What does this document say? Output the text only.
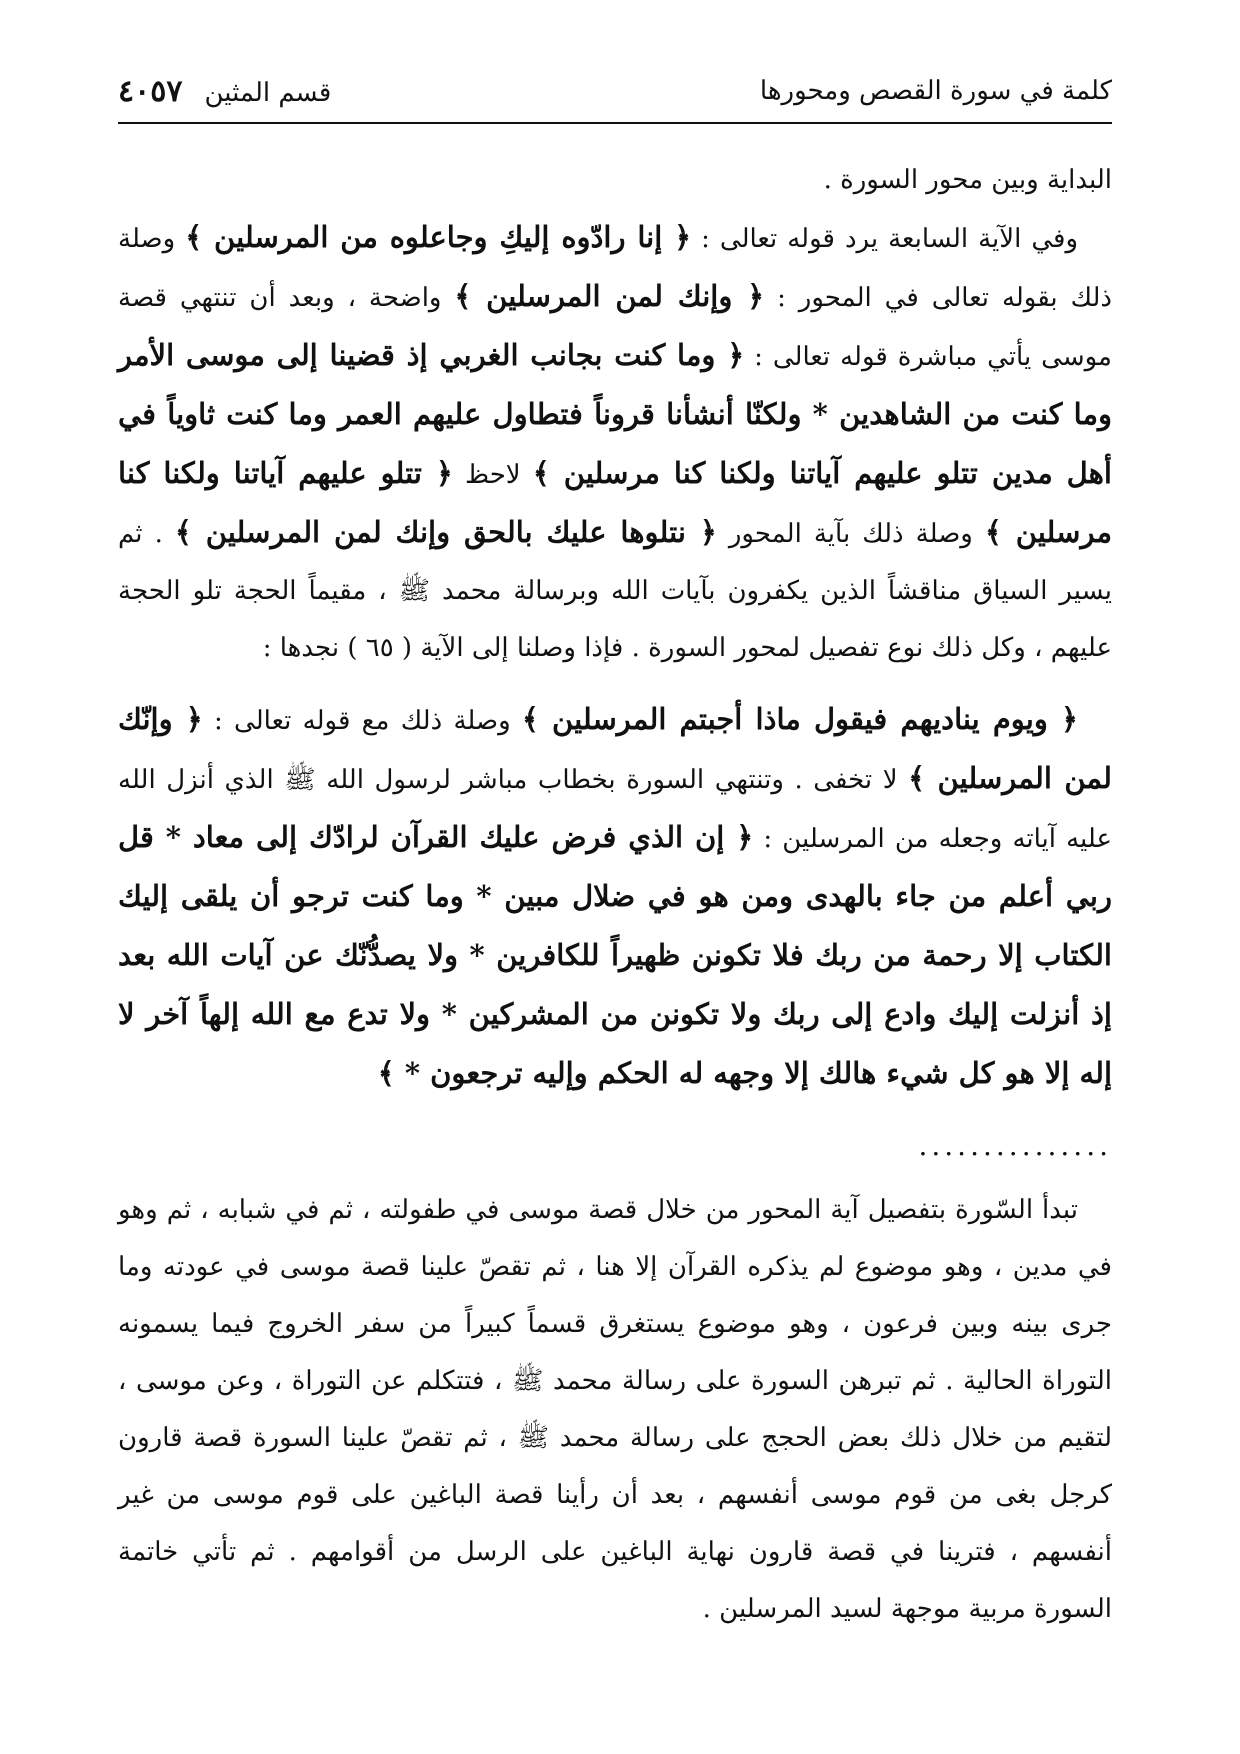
كلمة في سورة القصص ومحورها
قسم المثين
٤٠٥٧

البداية وبين محور السورة .

وفي الآية السابعة يرد قوله تعالى : ﴿ إنا رادّوه إليكِ وجاعلوه من المرسلين ﴾ وصلة ذلك بقوله تعالى في المحور : ﴿ وإنك لمن المرسلين ﴾ واضحة ، وبعد أن تنتهي قصة موسى يأتي مباشرة قوله تعالى : ﴿ وما كنت بجانب الغربي إذ قضينا إلى موسى الأمر وما كنت من الشاهدين * ولكنّا أنشأنا قروناً فتطاول عليهم العمر وما كنت ثاوياً في أهل مدين تتلو عليهم آياتنا ولكنا كنا مرسلين ﴾ لاحظ ﴿ تتلو عليهم آياتنا ولكنا كنا مرسلين ﴾ وصلة ذلك بآية المحور ﴿ نتلوها عليك بالحق وإنك لمن المرسلين ﴾ . ثم يسير السياق مناقشاً الذين يكفرون بآيات الله وبرسالة محمد ﷺ ، مقيماً الحجة تلو الحجة عليهم ، وكل ذلك نوع تفصيل لمحور السورة . فإذا وصلنا إلى الآية ( ٦٥ ) نجدها :

﴿ ويوم يناديهم فيقول ماذا أجبتم المرسلين ﴾ وصلة ذلك مع قوله تعالى : ﴿ وإنّك لمن المرسلين ﴾ لا تخفى . وتنتهي السورة بخطاب مباشر لرسول الله ﷺ الذي أنزل الله عليه آياته وجعله من المرسلين : ﴿ إن الذي فرض عليك القرآن لرادّك إلى معاد * قل ربي أعلم من جاء بالهدى ومن هو في ضلال مبين * وما كنت ترجو أن يلقى إليك الكتاب إلا رحمة من ربك فلا تكونن ظهيراً للكافرين * ولا يصدُّنّك عن آيات الله بعد إذ أنزلت إليك وادع إلى ربك ولا تكونن من المشركين * ولا تدع مع الله إلهاً آخر لا إله إلا هو كل شيء هالك إلا وجهه له الحكم وإليه ترجعون * ﴾

...............

تبدأ السّورة بتفصيل آية المحور من خلال قصة موسى في طفولته ، ثم في شبابه ، ثم وهو في مدين ، وهو موضوع لم يذكره القرآن إلا هنا ، ثم تقصّ علينا قصة موسى في عودته وما جرى بينه وبين فرعون ، وهو موضوع يستغرق قسماً كبيراً من سفر الخروج فيما يسمونه التوراة الحالية . ثم تبرهن السورة على رسالة محمد ﷺ ، فتتكلم عن التوراة ، وعن موسى ، لتقيم من خلال ذلك بعض الحجج على رسالة محمد ﷺ ، ثم تقصّ علينا السورة قصة قارون كرجل بغى من قوم موسى أنفسهم ، بعد أن رأينا قصة الباغين على قوم موسى من غير أنفسهم ، فترينا في قصة قارون نهاية الباغين على الرسل من أقوامهم . ثم تأتي خاتمة السورة مربية موجهة لسيد المرسلين .
